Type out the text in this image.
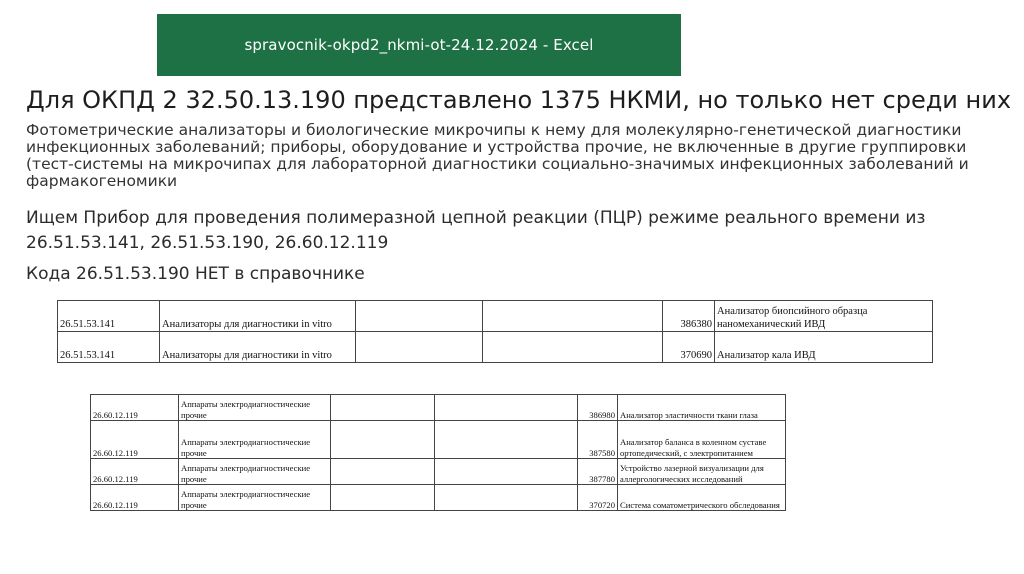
spravocnik-okpd2_nkmi-ot-24.12.2024 - Excel
Для ОКПД 2 32.50.13.190 представлено 1375 НКМИ, но только нет среди них
Фотометрические анализаторы и биологические микрочипы к нему для молекулярно-генетической диагностики инфекционных заболеваний; приборы, оборудование и устройства прочие, не включенные в другие группировки (тест-системы на микрочипах для лабораторной диагностики социально-значимых инфекционных заболеваний и фармакогеномики
Ищем Прибор для проведения полимеразной цепной реакции (ПЦР) режиме реального времени из 26.51.53.141, 26.51.53.190, 26.60.12.119
Кода 26.51.53.190 НЕТ в справочнике
26.51.53.141	Анализаторы для диагностики in vitro			386380	Анализатор биопсийного образца наномеханический ИВД
26.51.53.141	Анализаторы для диагностики in vitro			370690	Анализатор кала ИВД
26.60.12.119	Аппараты электродиагностические прочие			386980	Анализатор эластичности ткани глаза
26.60.12.119	Аппараты электродиагностические прочие			387580	Анализатор баланса в коленном суставе ортопедический, с электропитанием
26.60.12.119	Аппараты электродиагностические прочие			387780	Устройство лазерной визуализации для аллергологических исследований
26.60.12.119	Аппараты электродиагностические прочие			370720	Система соматометрического обследования
